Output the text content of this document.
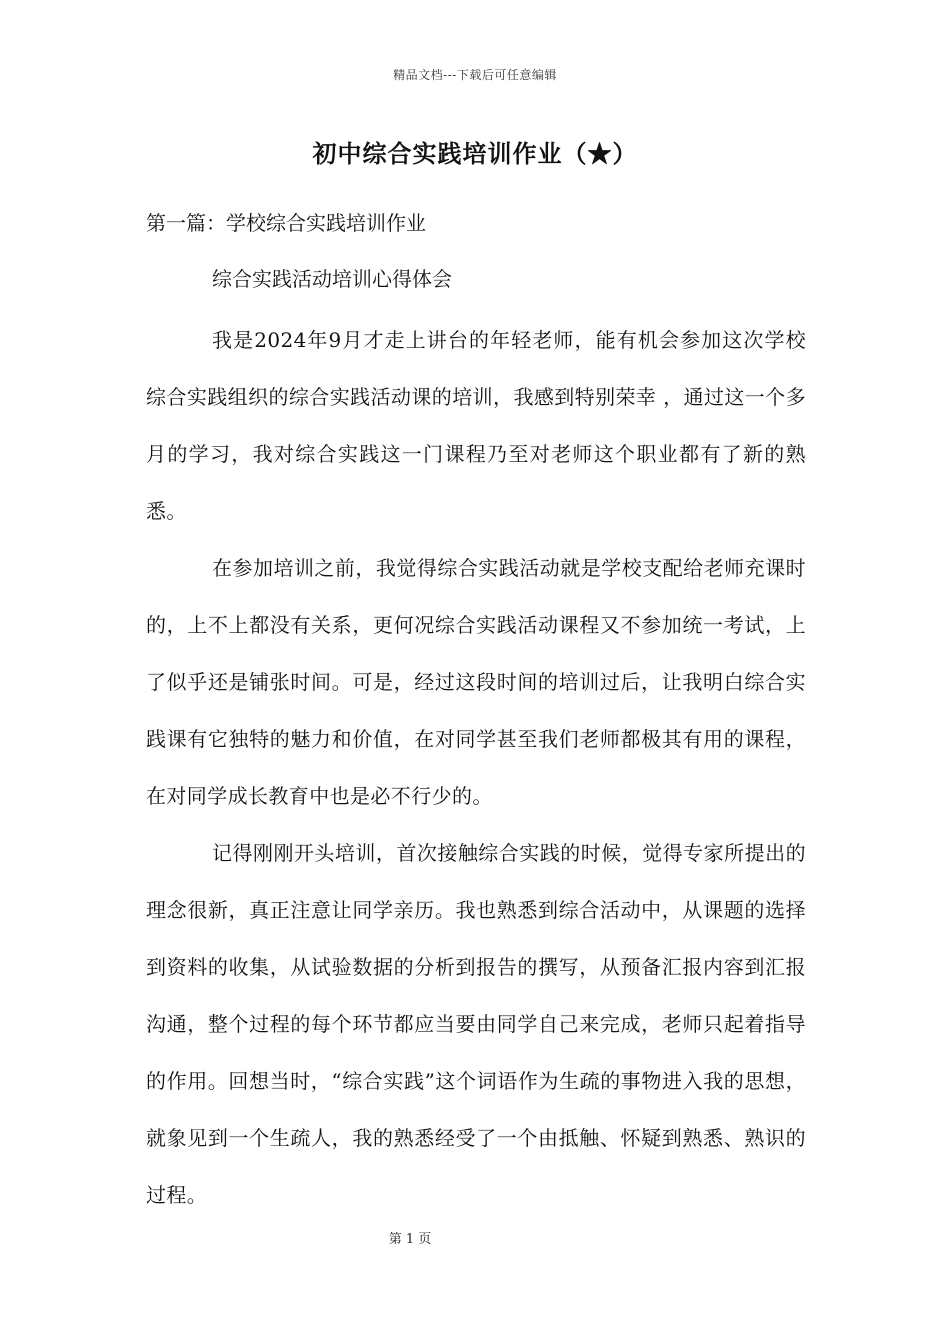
精品文档---下载后可任意编辑
初中综合实践培训作业（★）
第一篇：学校综合实践培训作业
综合实践活动培训心得体会

我是2024年9月才走上讲台的年轻老师，能有机会参加这次学校综合实践组织的综合实践活动课的培训，我感到特别荣幸 ，通过这一个多月的学习，我对综合实践这一门课程乃至对老师这个职业都有了新的熟悉。

在参加培训之前，我觉得综合实践活动就是学校支配给老师充课时的，上不上都没有关系，更何况综合实践活动课程又不参加统一考试，上了似乎还是铺张时间。可是，经过这段时间的培训过后，让我明白综合实践课有它独特的魅力和价值，在对同学甚至我们老师都极其有用的课程，在对同学成长教育中也是必不行少的。

记得刚刚开头培训，首次接触综合实践的时候，觉得专家所提出的理念很新，真正注意让同学亲历。我也熟悉到综合活动中，从课题的选择到资料的收集，从试验数据的分析到报告的撰写，从预备汇报内容到汇报沟通，整个过程的每个环节都应当要由同学自己来完成，老师只起着指导的作用。回想当时，“综合实践”这个词语作为生疏的事物进入我的思想，就象见到一个生疏人，我的熟悉经受了一个由抵触、怀疑到熟悉、熟识的过程。

第 1 页
